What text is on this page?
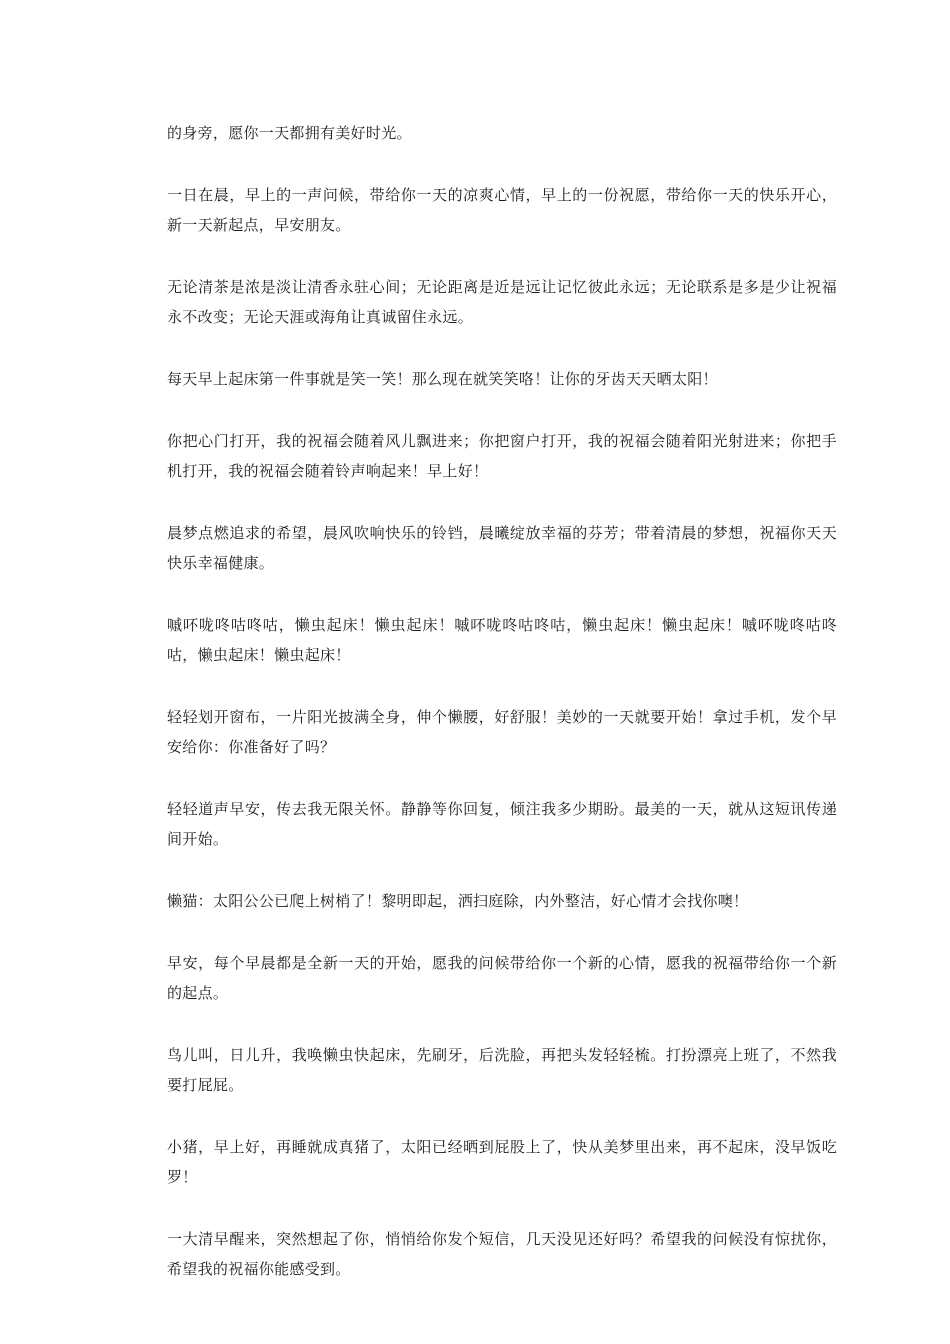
的身旁，愿你一天都拥有美好时光。

一日在晨，早上的一声问候，带给你一天的凉爽心情，早上的一份祝愿，带给你一天的快乐开心，新一天新起点，早安朋友。

无论清茶是浓是淡让清香永驻心间；无论距离是近是远让记忆彼此永远；无论联系是多是少让祝福永不改变；无论天涯或海角让真诚留住永远。

每天早上起床第一件事就是笑一笑！那么现在就笑笑咯！让你的牙齿天天晒太阳！

你把心门打开，我的祝福会随着风儿飘进来；你把窗户打开，我的祝福会随着阳光射进来；你把手机打开，我的祝福会随着铃声响起来！早上好！

晨梦点燃追求的希望，晨风吹响快乐的铃铛，晨曦绽放幸福的芬芳；带着清晨的梦想，祝福你天天快乐幸福健康。

嘁吥咙咚咕咚咕，懒虫起床！懒虫起床！嘁吥咙咚咕咚咕，懒虫起床！懒虫起床！嘁吥咙咚咕咚咕，懒虫起床！懒虫起床！

轻轻划开窗布，一片阳光披满全身，伸个懒腰，好舒服！美妙的一天就要开始！拿过手机，发个早安给你：你准备好了吗？

轻轻道声早安，传去我无限关怀。静静等你回复，倾注我多少期盼。最美的一天，就从这短讯传递间开始。

懒猫：太阳公公已爬上树梢了！黎明即起，洒扫庭除，内外整洁，好心情才会找你噢！

早安，每个早晨都是全新一天的开始，愿我的问候带给你一个新的心情，愿我的祝福带给你一个新的起点。

鸟儿叫，日儿升，我唤懒虫快起床，先刷牙，后洗脸，再把头发轻轻梳。打扮漂亮上班了，不然我要打屁屁。

小猪，早上好，再睡就成真猪了，太阳已经晒到屁股上了，快从美梦里出来，再不起床，没早饭吃罗！

一大清早醒来，突然想起了你，悄悄给你发个短信，几天没见还好吗？希望我的问候没有惊扰你，希望我的祝福你能感受到。
